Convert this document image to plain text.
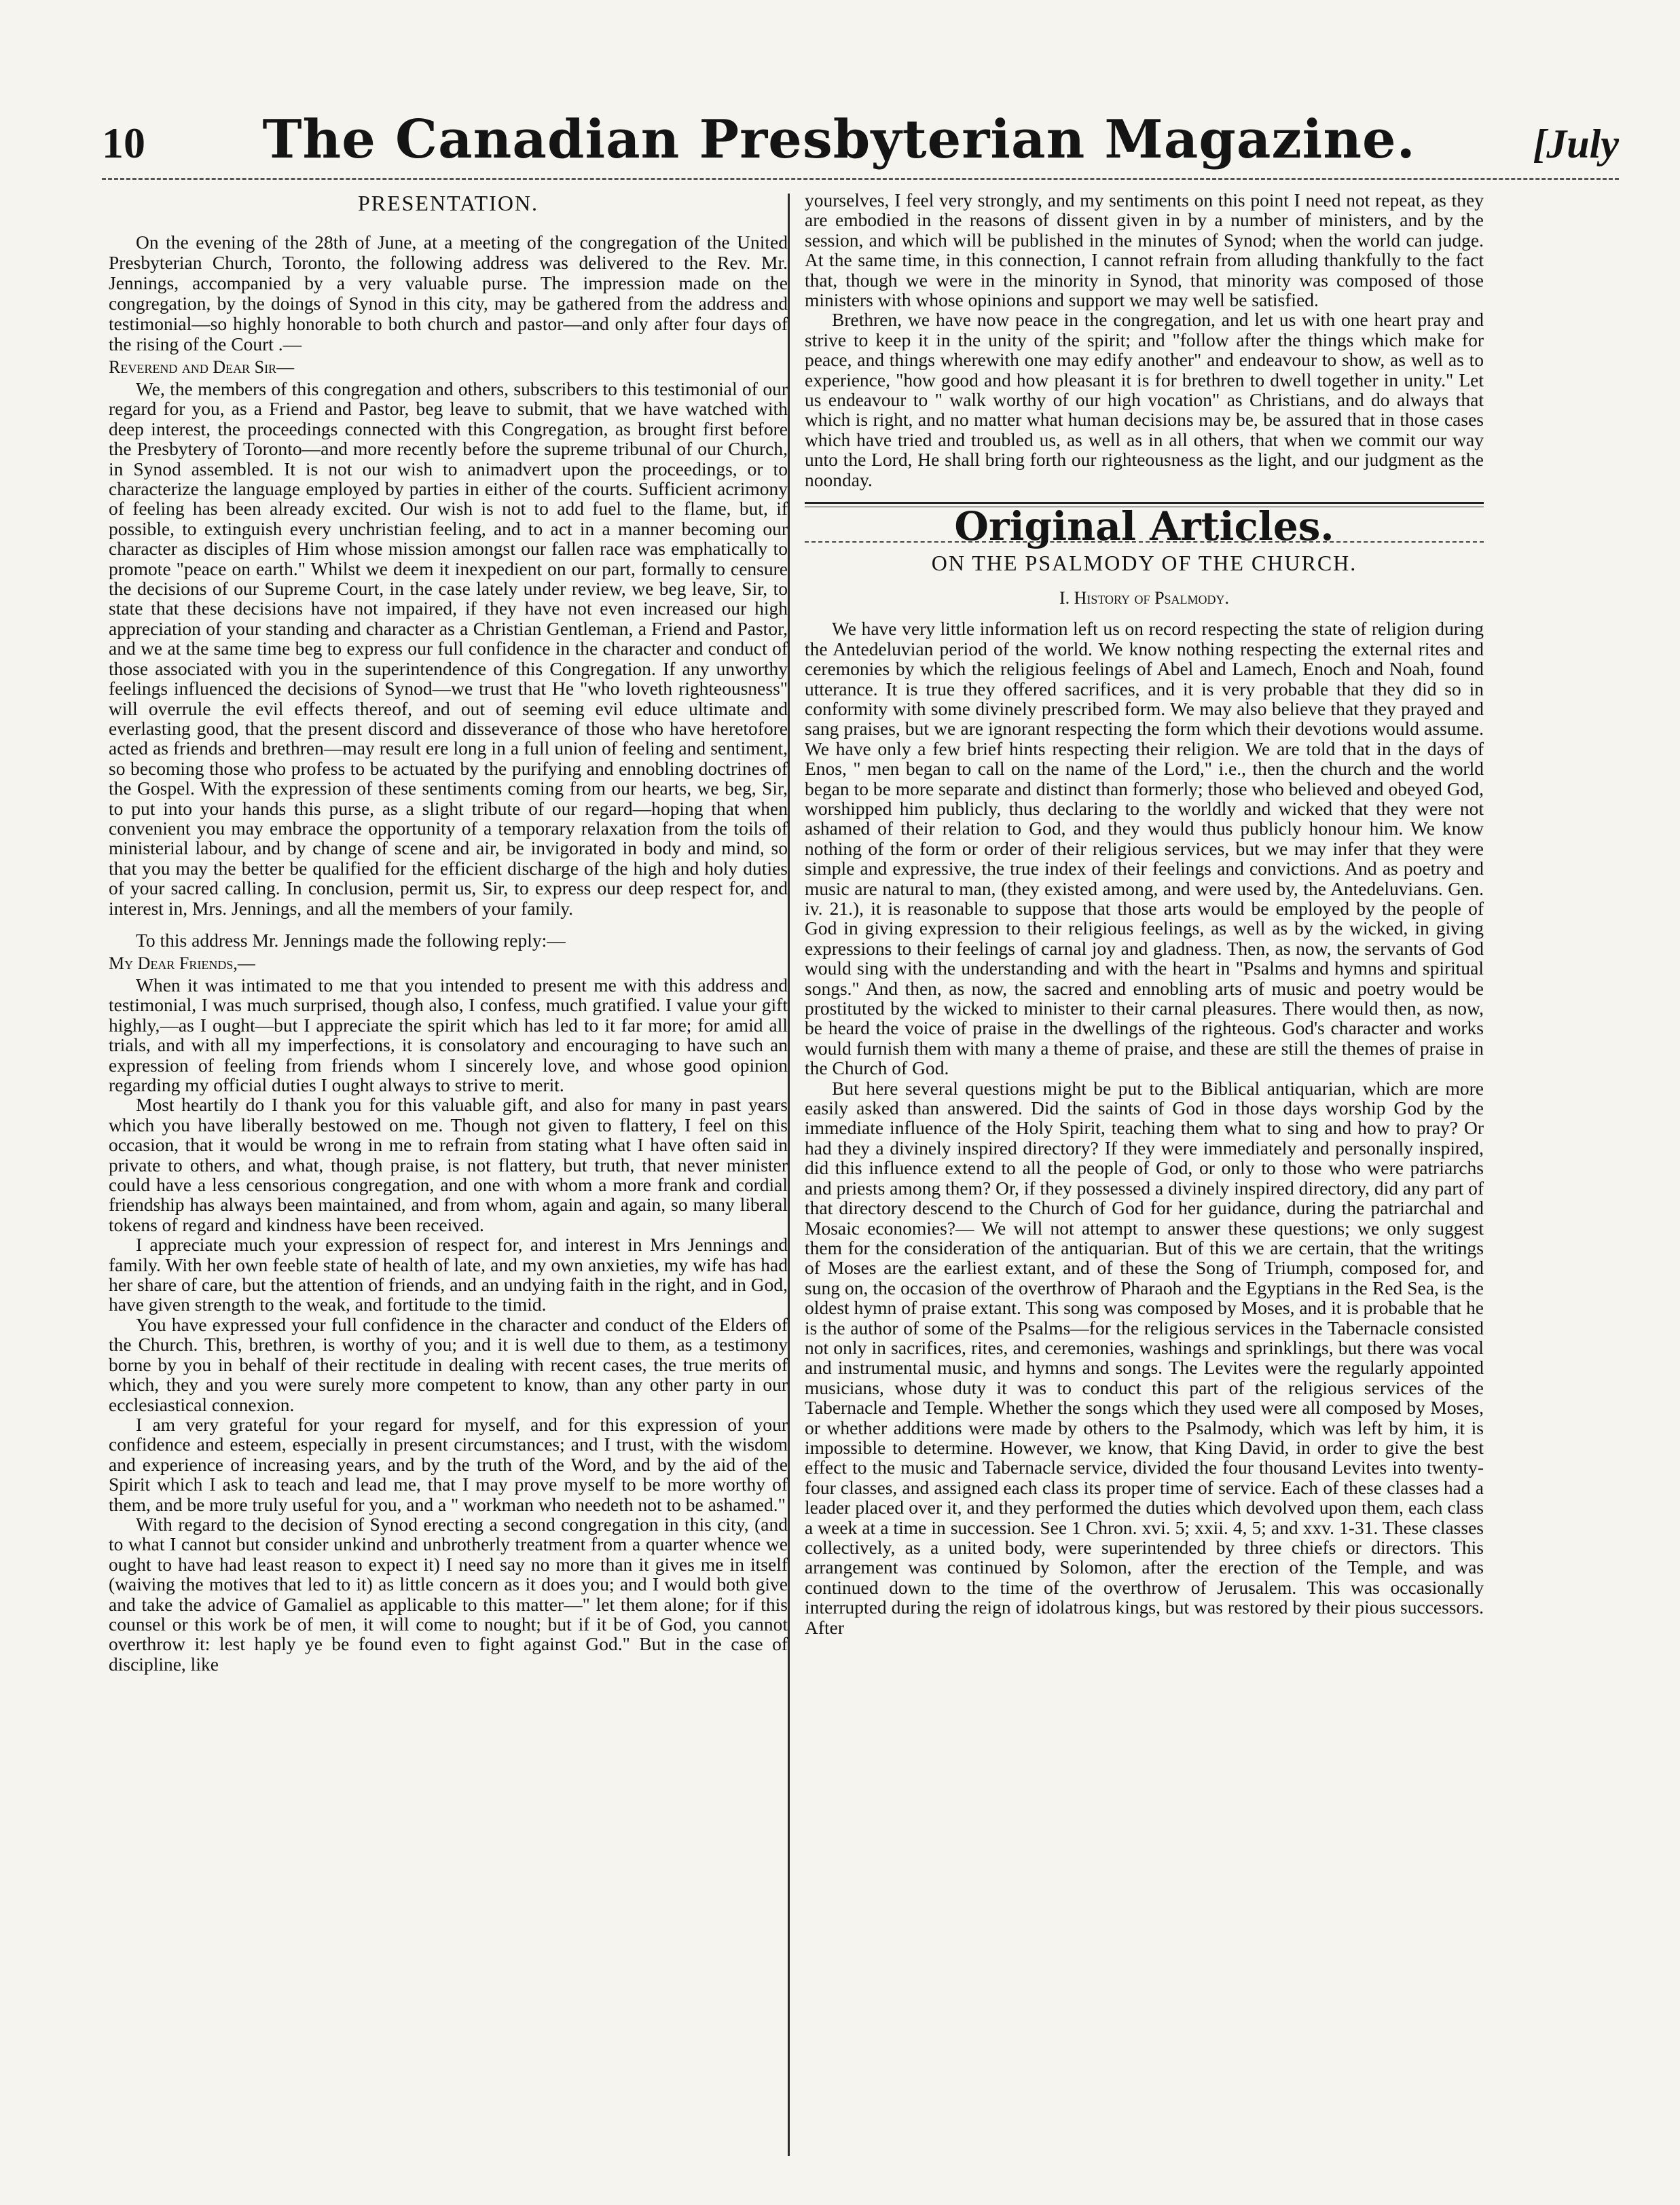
10 The Canadian Presbyterian Magazine.	[July
PRESENTATION.

On the evening of the 28th of June, at a meeting of the congregation of the United Presbyterian Church, Toronto, the following address was delivered to the Rev. Mr. Jennings, accompanied by a very valuable purse. The impression made on the congregation, by the doings of Synod in this city, may be gathered from the address and testimonial—so highly honorable to both church and pastor—and only after four days of the rising of the Court .—

Reverend and Dear Sir—

We, the members of this congregation and others, subscribers to this testimonial of our regard for you, as a Friend and Pastor, beg leave to submit, that we have watched with deep interest, the proceedings connected with this Congregation, as brought first before the Presbytery of Toronto—and more recently before the supreme tribunal of our Church, in Synod assembled. It is not our wish to animadvert upon the proceedings, or to characterize the language employed by parties in either of the courts. Sufficient acrimony of feeling has been already excited. Our wish is not to add fuel to the flame, but, if possible, to extinguish every unchristian feeling, and to act in a manner becoming our character as disciples of Him whose mission amongst our fallen race was emphatically to promote "peace on earth." Whilst we deem it inexpedient on our part, formally to censure the decisions of our Supreme Court, in the case lately under review, we beg leave, Sir, to state that these decisions have not impaired, if they have not even increased our high appreciation of your standing and character as a Christian Gentleman, a Friend and Pastor, and we at the same time beg to express our full confidence in the character and conduct of those associated with you in the superintendence of this Congregation. If any unworthy feelings influenced the decisions of Synod—we trust that He "who loveth righteousness" will overrule the evil effects thereof, and out of seeming evil educe ultimate and everlasting good, that the present discord and disseverance of those who have heretofore acted as friends and brethren—may result ere long in a full union of feeling and sentiment, so becoming those who profess to be actuated by the purifying and ennobling doctrines of the Gospel. With the expression of these sentiments coming from our hearts, we beg, Sir, to put into your hands this purse, as a slight tribute of our regard—hoping that when convenient you may embrace the opportunity of a temporary relaxation from the toils of ministerial labour, and by change of scene and air, be invigorated in body and mind, so that you may the better be qualified for the efficient discharge of the high and holy duties of your sacred calling. In conclusion, permit us, Sir, to express our deep respect for, and interest in, Mrs. Jennings, and all the members of your family.

To this address Mr. Jennings made the following reply:—

My Dear Friends,—

When it was intimated to me that you intended to present me with this address and testimonial, I was much surprised, though also, I confess, much gratified. I value your gift highly,—as I ought—but I appreciate the spirit which has led to it far more; for amid all trials, and with all my imperfections, it is consolatory and encouraging to have such an expression of feeling from friends whom I sincerely love, and whose good opinion regarding my official duties I ought always to strive to merit.

Most heartily do I thank you for this valuable gift, and also for many in past years which you have liberally bestowed on me. Though not given to flattery, I feel on this occasion, that it would be wrong in me to refrain from stating what I have often said in private to others, and what, though praise, is not flattery, but truth, that never minister could have a less censorious congregation, and one with whom a more frank and cordial friendship has always been maintained, and from whom, again and again, so many liberal tokens of regard and kindness have been received.

I appreciate much your expression of respect for, and interest in Mrs Jennings and family. With her own feeble state of health of late, and my own anxieties, my wife has had her share of care, but the attention of friends, and an undying faith in the right, and in God, have given strength to the weak, and fortitude to the timid.

You have expressed your full confidence in the character and conduct of the Elders of the Church. This, brethren, is worthy of you; and it is well due to them, as a testimony borne by you in behalf of their rectitude in dealing with recent cases, the true merits of which, they and you were surely more competent to know, than any other party in our ecclesiastical connexion.

I am very grateful for your regard for myself, and for this expression of your confidence and esteem, especially in present circumstances; and I trust, with the wisdom and experience of increasing years, and by the truth of the Word, and by the aid of the Spirit which I ask to teach and lead me, that I may prove myself to be more worthy of them, and be more truly useful for you, and a " workman who needeth not to be ashamed."

With regard to the decision of Synod erecting a second congregation in this city, (and to what I cannot but consider unkind and unbrotherly treatment from a quarter whence we ought to have had least reason to expect it) I need say no more than it gives me in itself (waiving the motives that led to it) as little concern as it does you; and I would both give and take the advice of Gamaliel as applicable to this matter—" let them alone; for if this counsel or this work be of men, it will come to nought; but if it be of God, you cannot overthrow it: lest haply ye be found even to fight against God." But in the case of discipline, like

yourselves, I feel very strongly, and my sentiments on this point I need not repeat, as they are embodied in the reasons of dissent given in by a number of ministers, and by the session, and which will be published in the minutes of Synod; when the world can judge. At the same time, in this connection, I cannot refrain from alluding thankfully to the fact that, though we were in the minority in Synod, that minority was composed of those ministers with whose opinions and support we may well be satisfied.

Brethren, we have now peace in the congregation, and let us with one heart pray and strive to keep it in the unity of the spirit; and "follow after the things which make for peace, and things wherewith one may edify another" and endeavour to show, as well as to experience, "how good and how pleasant it is for brethren to dwell together in unity." Let us endeavour to " walk worthy of our high vocation" as Christians, and do always that which is right, and no matter what human decisions may be, be assured that in those cases which have tried and troubled us, as well as in all others, that when we commit our way unto the Lord, He shall bring forth our righteousness as the light, and our judgment as the noonday.

Original Articles.
ON THE PSALMODY OF THE CHURCH.
I. History of Psalmody.

We have very little information left us on record respecting the state of religion during the Antedeluvian period of the world. We know nothing respecting the external rites and ceremonies by which the religious feelings of Abel and Lamech, Enoch and Noah, found utterance. It is true they offered sacrifices, and it is very probable that they did so in conformity with some divinely prescribed form. We may also believe that they prayed and sang praises, but we are ignorant respecting the form which their devotions would assume. We have only a few brief hints respecting their religion. We are told that in the days of Enos, " men began to call on the name of the Lord," i.e., then the church and the world began to be more separate and distinct than formerly; those who believed and obeyed God, worshipped him publicly, thus declaring to the worldly and wicked that they were not ashamed of their relation to God, and they would thus publicly honour him. We know nothing of the form or order of their religious services, but we may infer that they were simple and expressive, the true index of their feelings and convictions. And as poetry and music are natural to man, (they existed among, and were used by, the Antedeluvians. Gen. iv. 21.), it is reasonable to suppose that those arts would be employed by the people of God in giving expression to their religious feelings, as well as by the wicked, in giving expressions to their feelings of carnal joy and gladness. Then, as now, the servants of God would sing with the understanding and with the heart in "Psalms and hymns and spiritual songs." And then, as now, the sacred and ennobling arts of music and poetry would be prostituted by the wicked to minister to their carnal pleasures. There would then, as now, be heard the voice of praise in the dwellings of the righteous. God's character and works would furnish them with many a theme of praise, and these are still the themes of praise in the Church of God.

But here several questions might be put to the Biblical antiquarian, which are more easily asked than answered. Did the saints of God in those days worship God by the immediate influence of the Holy Spirit, teaching them what to sing and how to pray? Or had they a divinely inspired directory? If they were immediately and personally inspired, did this influence extend to all the people of God, or only to those who were patriarchs and priests among them? Or, if they possessed a divinely inspired directory, did any part of that directory descend to the Church of God for her guidance, during the patriarchal and Mosaic economies?— We will not attempt to answer these questions; we only suggest them for the consideration of the antiquarian. But of this we are certain, that the writings of Moses are the earliest extant, and of these the Song of Triumph, composed for, and sung on, the occasion of the overthrow of Pharaoh and the Egyptians in the Red Sea, is the oldest hymn of praise extant. This song was composed by Moses, and it is probable that he is the author of some of the Psalms—for the religious services in the Tabernacle consisted not only in sacrifices, rites, and ceremonies, washings and sprinklings, but there was vocal and instrumental music, and hymns and songs. The Levites were the regularly appointed musicians, whose duty it was to conduct this part of the religious services of the Tabernacle and Temple. Whether the songs which they used were all composed by Moses, or whether additions were made by others to the Psalmody, which was left by him, it is impossible to determine. However, we know, that King David, in order to give the best effect to the music and Tabernacle service, divided the four thousand Levites into twenty-four classes, and assigned each class its proper time of service. Each of these classes had a leader placed over it, and they performed the duties which devolved upon them, each class a week at a time in succession. See 1 Chron. xvi. 5; xxii. 4, 5; and xxv. 1-31. These classes collectively, as a united body, were superintended by three chiefs or directors. This arrangement was continued by Solomon, after the erection of the Temple, and was continued down to the time of the overthrow of Jerusalem. This was occasionally interrupted during the reign of idolatrous kings, but was restored by their pious successors. After
